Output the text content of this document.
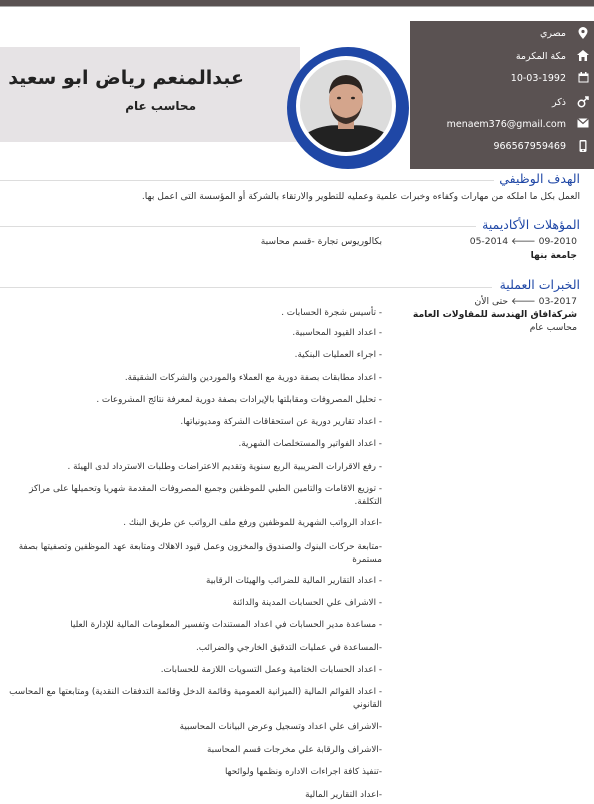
عبدالمنعم رياض ابو سعيد
محاسب عام
مصري
مكة المكرمة
10-03-1992
ذكر
menaem376@gmail.com
966567959469
الهدف الوظيفي
العمل بكل ما املكه من مهارات وكفاءه وخبرات علمية وعمليه للتطوير والارتقاء بالشركة أو المؤسسة التى اعمل بها.
المؤهلات الأكاديمية
09-2010 🡐 05-2014
جامعة بنها
بكالوريوس تجارة -قسم محاسبة
الخبرات العملية
03-2017 🡐 حتى الأن
شركةافاق الهندسة للمقاولات العامة
محاسب عام
- تأسيس شجرة الحسابات .
- اعداد القيود المحاسبية.
- اجراء العمليات البنكية.
- اعداد مطابقات بصفة دورية مع العملاء والموردين والشركات الشقيقة.
- تحليل المصروفات ومقابلتها بالإيرادات بصفة دورية لمعرفة نتائج المشروعات .
- اعداد تقارير دورية عن استحقاقات الشركة ومديونياتها.
- اعداد الفواتير والمستخلصات الشهرية.
- رفع الاقرارات الضريبية الربع سنوية وتقديم الاعتراضات وطلبات الاسترداد لدى الهيئة .
- توزيع الاقامات والتامين الطبي للموظفين وجميع المصروفات المقدمة شهريا وتحميلها على مراكز التكلفة.
-اعداد الرواتب الشهرية للموظفين ورفع ملف الرواتب عن طريق البنك .
-متابعة حركات البنوك والصندوق والمخزون وعمل قيود الاهلاك ومتابعة عهد الموظفين وتصفيتها بصفة مستمرة
- اعداد التقارير المالية للضرائب والهيئات الرقابية
- الاشراف علي الحسابات المدينة والدائنة
- مساعدة مدير الحسابات في اعداد المستندات وتفسير المعلومات المالية للإدارة العليا
-المساعدة في عمليات التدقيق الخارجي والضرائب.
- اعداد الحسابات الختامية وعمل التسويات اللازمة للحسابات.
- اعداد القوائم المالية (الميزانية العمومية وقائمة الدخل وقائمة التدفقات النقدية) ومتابعتها مع المحاسب القانوني
-الاشراف علي اعداد وتسجيل وعرض البيانات المحاسبية
-الاشراف والرقابة علي مخرجات قسم المحاسبة
-تنفيذ كافة اجراءات الاداره ونظمها ولوائحها
-اعداد التقارير المالية
